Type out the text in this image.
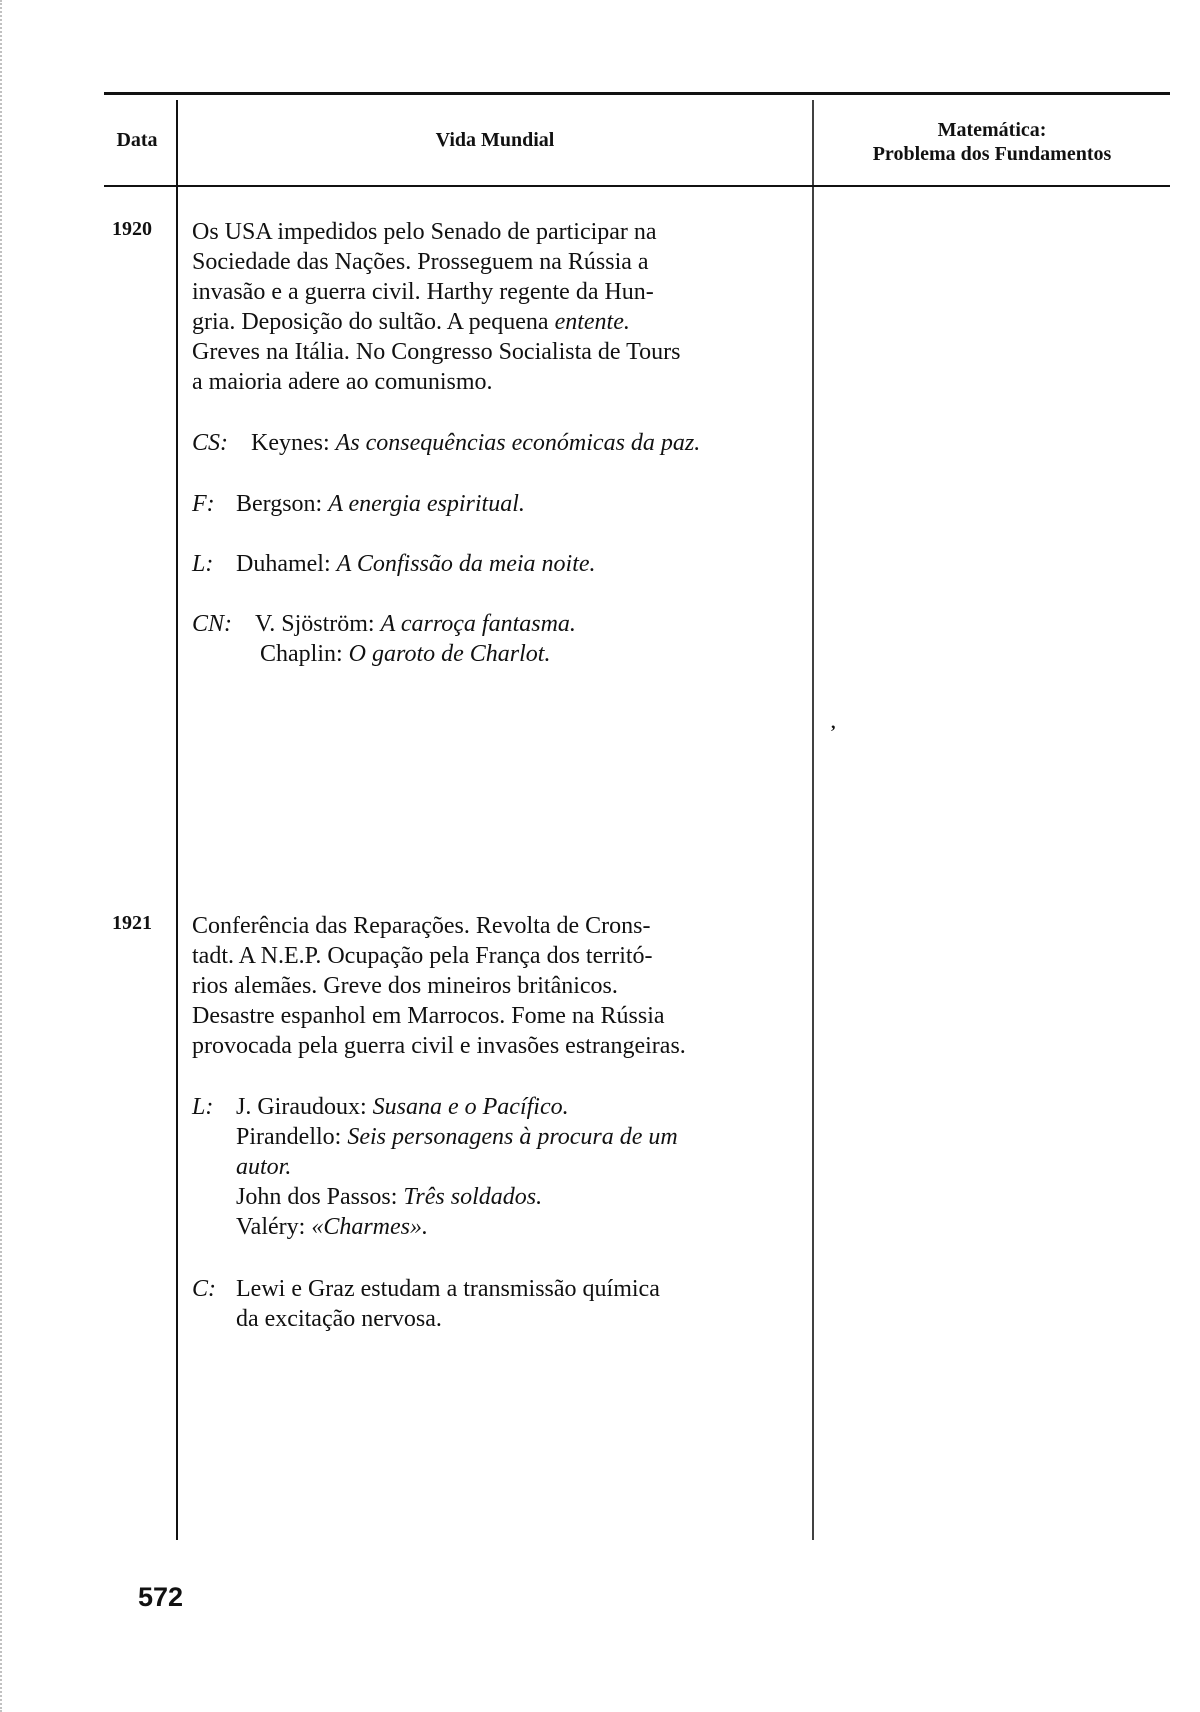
Data	Vida Mundial	Matemática:
Problema dos Fundamentos
1920 Os USA impedidos pelo Senado de participar na
Sociedade das Nações. Prosseguem na Rússia a
invasão e a guerra civil. Harthy regente da Hun-
gria. Deposição do sultão. A pequena entente.
Greves na Itália. No Congresso Socialista de Tours
a maioria adere ao comunismo.
CS: Keynes: As consequências económicas da paz.
F: Bergson: A energia espiritual.
L: Duhamel: A Confissão da meia noite.
CN: V. Sjöström: A carroça fantasma.
Chaplin: O garoto de Charlot.
,
1921 Conferência das Reparações. Revolta de Crons-
tadt. A N.E.P. Ocupação pela França dos territó-
rios alemães. Greve dos mineiros britânicos.
Desastre espanhol em Marrocos. Fome na Rússia
provocada pela guerra civil e invasões estrangeiras.
L: J. Giraudoux: Susana e o Pacífico.
Pirandello: Seis personagens à procura de um
autor.
John dos Passos: Três soldados.
Valéry: «Charmes».
C: Lewi e Graz estudam a transmissão química
da excitação nervosa.
572
